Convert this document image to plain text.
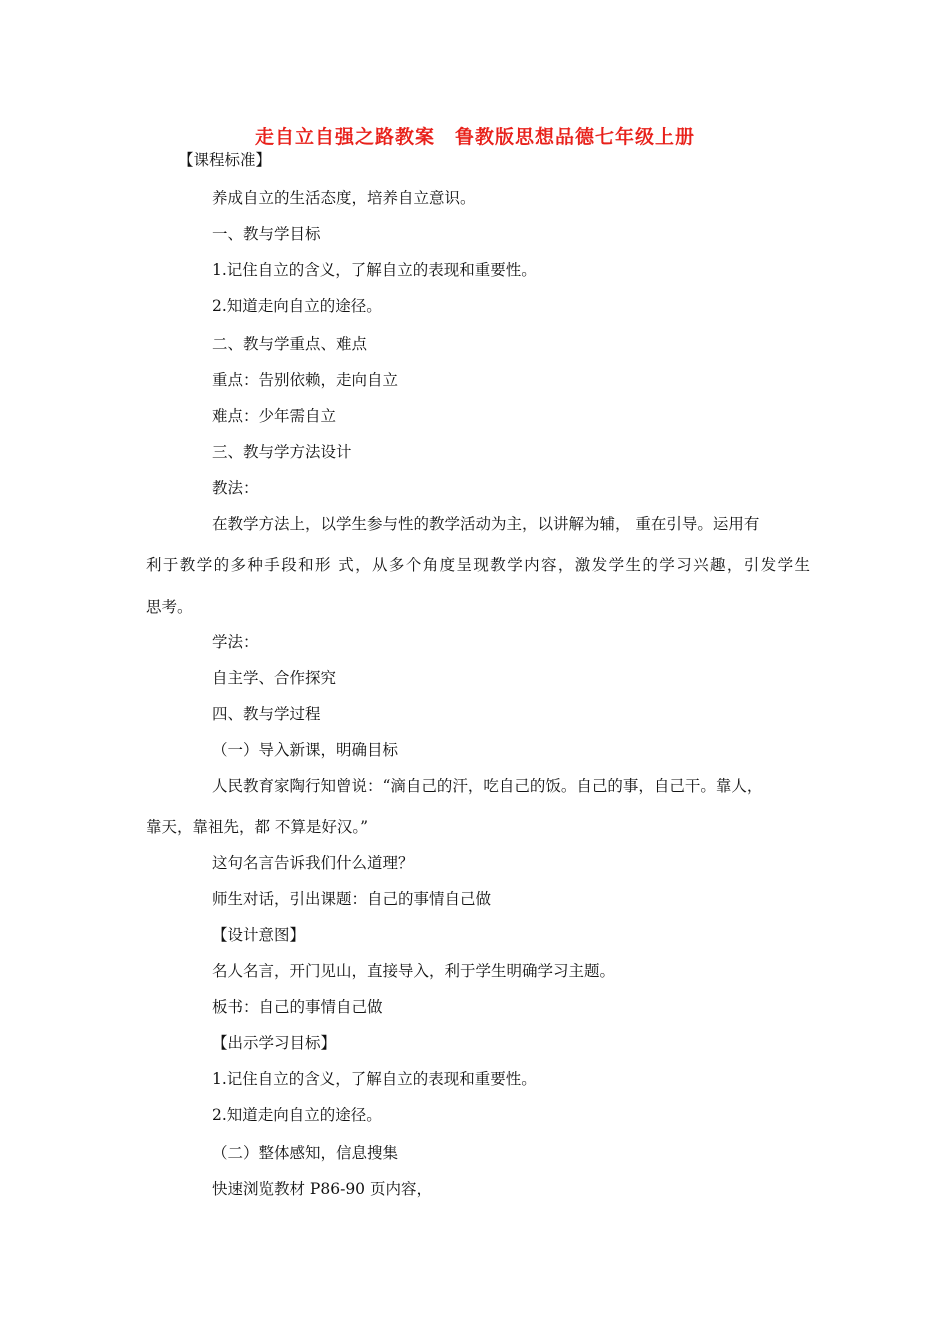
走自立自强之路教案　鲁教版思想品德七年级上册
【课程标准】
养成自立的生活态度，培养自立意识。
一、教与学目标
1.记住自立的含义，了解自立的表现和重要性。
2.知道走向自立的途径。
二、教与学重点、难点
重点：告别依赖，走向自立
难点：少年需自立
三、教与学方法设计
教法：
在教学方法上，以学生参与性的教学活动为主，以讲解为辅， 重在引导。运用有
利于教学的多种手段和形 式，从多个角度呈现教学内容，激发学生的学习兴趣，引发学生
思考。
学法：
自主学、合作探究
四、教与学过程
（一）导入新课，明确目标
人民教育家陶行知曾说：“滴自己的汗，吃自己的饭。自己的事，自己干。靠人，
靠天，靠祖先，都 不算是好汉。”
这句名言告诉我们什么道理？
师生对话，引出课题：自己的事情自己做
【设计意图】
名人名言，开门见山，直接导入，利于学生明确学习主题。
板书：自己的事情自己做
【出示学习目标】
1.记住自立的含义，了解自立的表现和重要性。
2.知道走向自立的途径。
（二）整体感知，信息搜集
快速浏览教材 P86-90 页内容，
